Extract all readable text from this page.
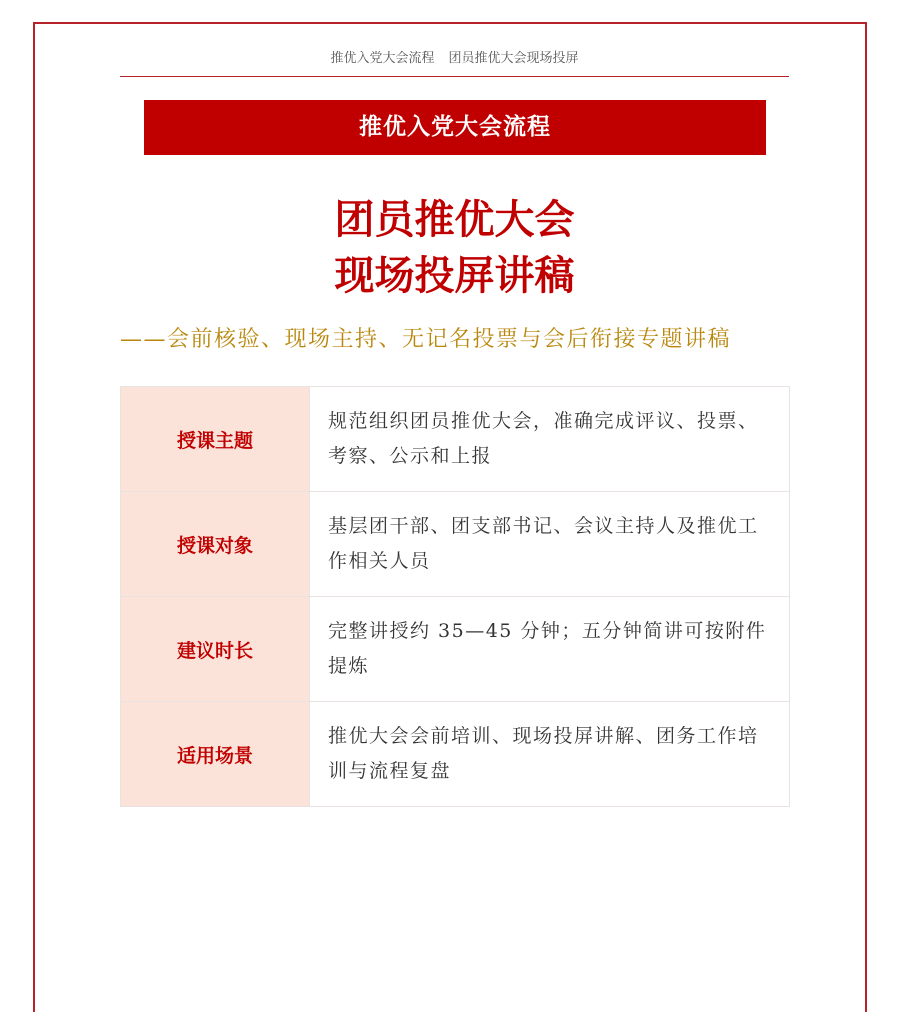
推优入党大会流程 团员推优大会现场投屏
推优入党大会流程
团员推优大会
现场投屏讲稿
——会前核验、现场主持、无记名投票与会后衔接专题讲稿
授课主题	规范组织团员推优大会，准确完成评议、投票、考察、公示和上报
授课对象	基层团干部、团支部书记、会议主持人及推优工作相关人员
建议时长	完整讲授约 35—45 分钟；五分钟简讲可按附件提炼
适用场景	推优大会会前培训、现场投屏讲解、团务工作培训与流程复盘
